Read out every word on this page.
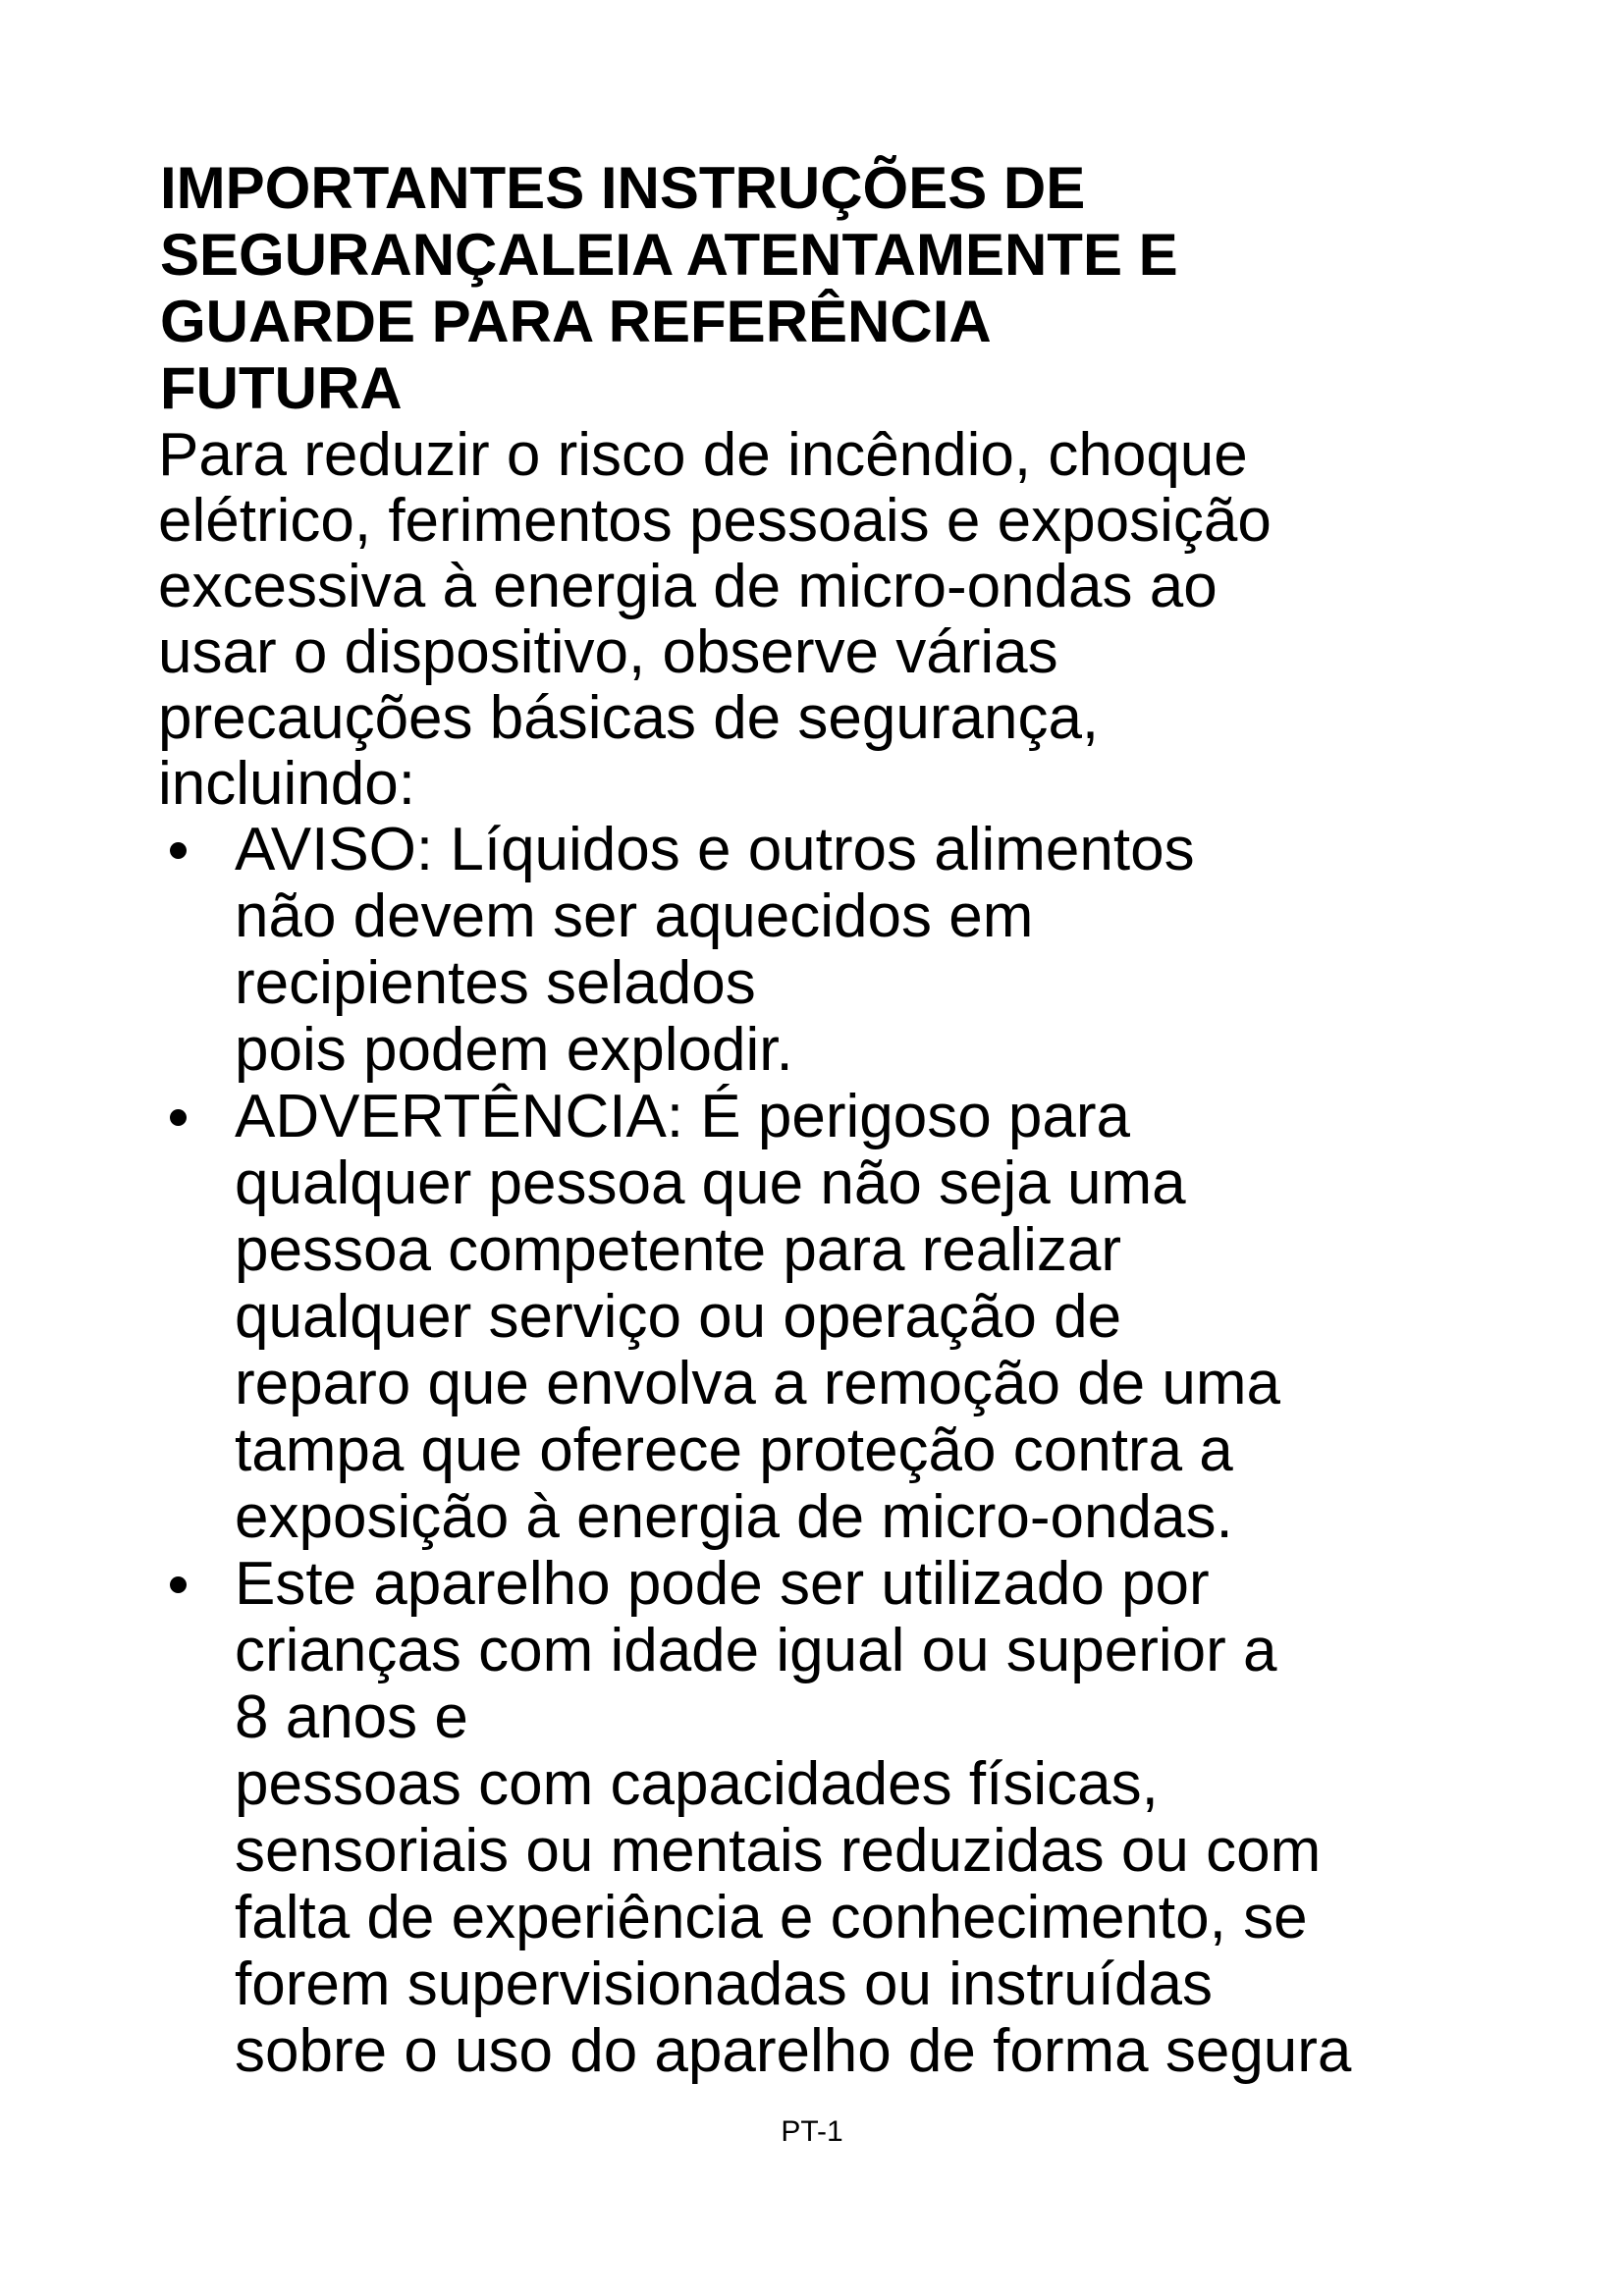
IMPORTANTES INSTRUÇÕES DE
SEGURANÇALEIA ATENTAMENTE E
GUARDE PARA REFERÊNCIA
FUTURA

Para reduzir o risco de incêndio, choque
elétrico, ferimentos pessoais e exposição
excessiva à energia de micro-ondas ao
usar o dispositivo, observe várias
precauções básicas de segurança,
incluindo:

AVISO: Líquidos e outros alimentos
não devem ser aquecidos em
recipientes selados
pois podem explodir.
ADVERTÊNCIA: É perigoso para
qualquer pessoa que não seja uma
pessoa competente para realizar
qualquer serviço ou operação de
reparo que envolva a remoção de uma
tampa que oferece proteção contra a
exposição à energia de micro-ondas.
Este aparelho pode ser utilizado por
crianças com idade igual ou superior a
8 anos e
pessoas com capacidades físicas,
sensoriais ou mentais reduzidas ou com
falta de experiência e conhecimento, se
forem supervisionadas ou instruídas
sobre o uso do aparelho de forma segura
PT-1
